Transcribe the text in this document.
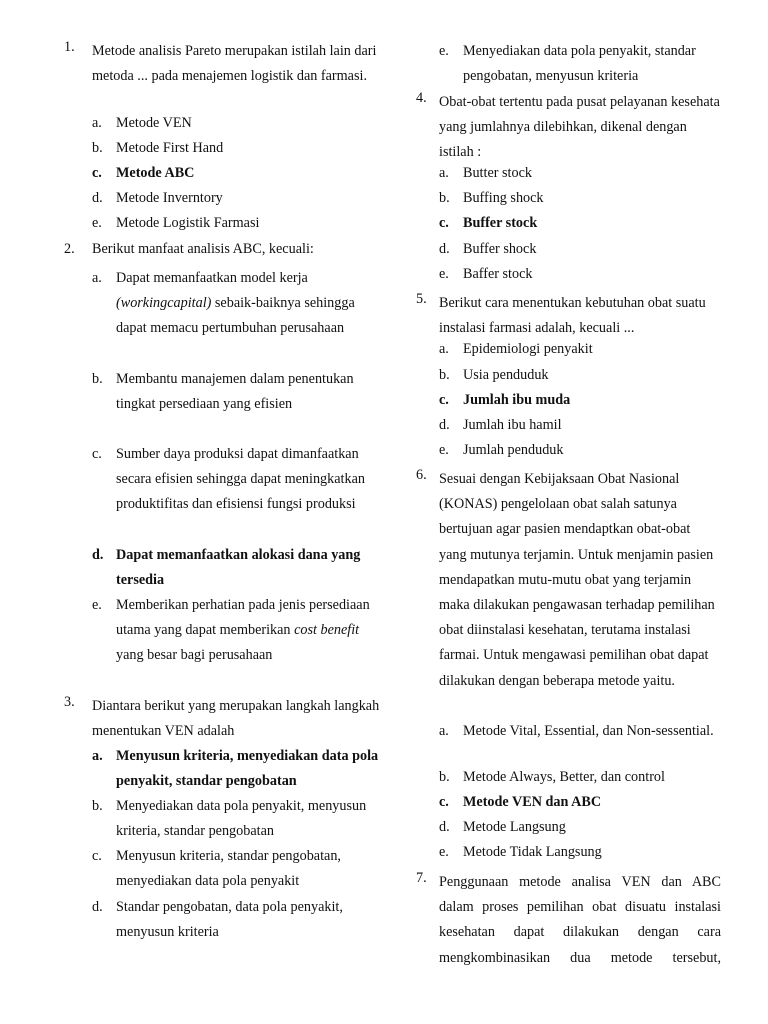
1. Metode analisis Pareto merupakan istilah lain dari metoda ... pada menajemen logistik dan farmasi.
a. Metode VEN
b. Metode First Hand
c. Metode ABC
d. Metode Inverntory
e. Metode Logistik Farmasi
2. Berikut manfaat analisis ABC, kecuali:
a. Dapat memanfaatkan model kerja (workingcapital) sebaik-baiknya sehingga dapat memacu pertumbuhan perusahaan
b. Membantu manajemen dalam penentukan tingkat persediaan yang efisien
c. Sumber daya produksi dapat dimanfaatkan secara efisien sehingga dapat meningkatkan produktifitas dan efisiensi fungsi produksi
d. Dapat memanfaatkan alokasi dana yang tersedia
e. Memberikan perhatian pada jenis persediaan utama yang dapat memberikan cost benefit yang besar bagi perusahaan
3. Diantara berikut yang merupakan langkah langkah menentukan VEN adalah
a. Menyusun kriteria, menyediakan data pola penyakit, standar pengobatan
b. Menyediakan data pola penyakit, menyusun kriteria, standar pengobatan
c. Menyusun kriteria, standar pengobatan, menyediakan data pola penyakit
d. Standar pengobatan, data pola penyakit, menyusun kriteria
e. Menyediakan data pola penyakit, standar pengobatan, menyusun kriteria
4. Obat-obat tertentu pada pusat pelayanan kesehata yang jumlahnya dilebihkan, dikenal dengan istilah :
a. Butter stock
b. Buffing shock
c. Buffer stock
d. Buffer shock
e. Baffer stock
5. Berikut cara menentukan kebutuhan obat suatu instalasi farmasi adalah, kecuali ...
a. Epidemiologi penyakit
b. Usia penduduk
c. Jumlah ibu muda
d. Jumlah ibu hamil
e. Jumlah penduduk
6. Sesuai dengan Kebijaksaan Obat Nasional (KONAS) pengelolaan obat salah satunya bertujuan agar pasien mendaptkan obat-obat yang mutunya terjamin. Untuk menjamin pasien mendapatkan mutu-mutu obat yang terjamin maka dilakukan pengawasan terhadap pemilihan obat diinstalasi kesehatan, terutama instalasi farmai. Untuk mengawasi pemilihan obat dapat dilakukan dengan beberapa metode yaitu.
a. Metode Vital, Essential, dan Non-sessential.
b. Metode Always, Better, dan control
c. Metode VEN dan ABC
d. Metode Langsung
e. Metode Tidak Langsung
7. Penggunaan metode analisa VEN dan ABC dalam proses pemilihan obat disuatu instalasi kesehatan dapat dilakukan dengan cara mengkombinasikan dua metode tersebut,
